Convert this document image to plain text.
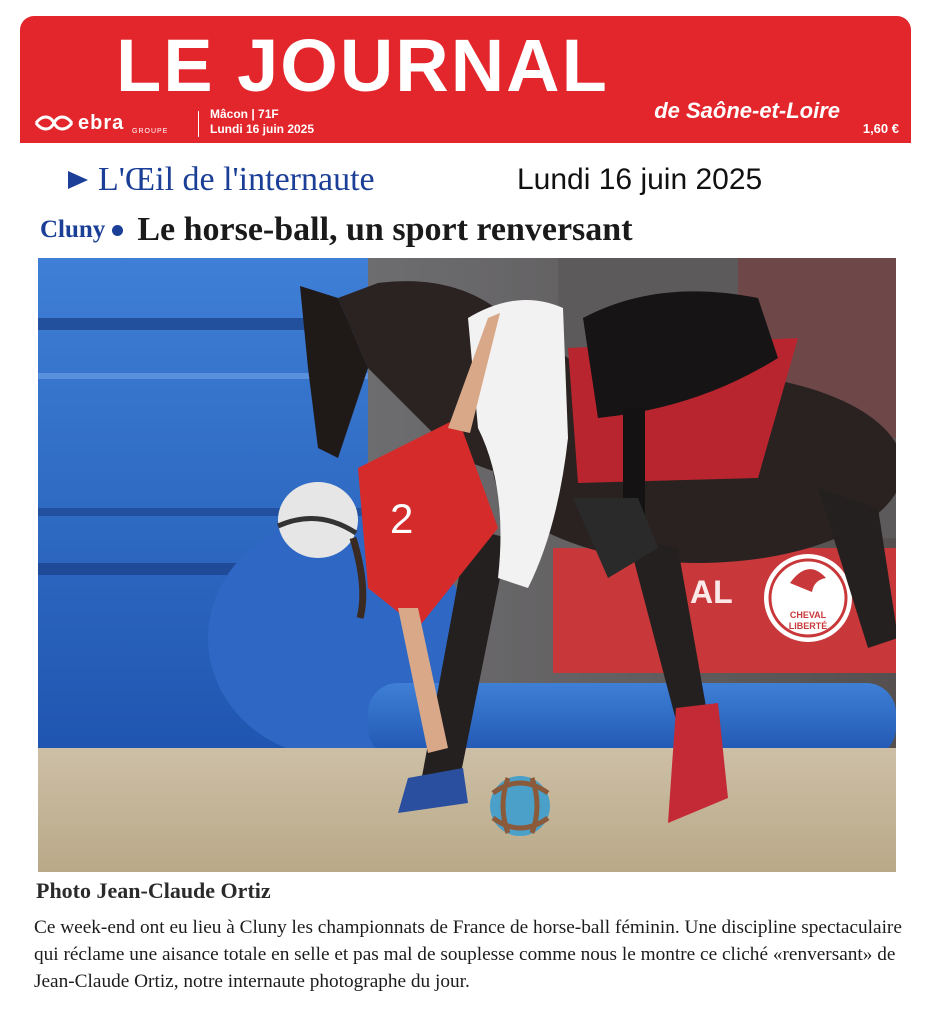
LE JOURNAL
de Saône-et-Loire
ebra GROUPE
Mâcon | 71F
Lundi 16 juin 2025	1,60 €
L'Œil de l'internaute	Lundi 16 juin 2025
Cluny Le horse-ball, un sport renversant
AL
CHEVAL
LIBERTÉ
2
Photo Jean-Claude Ortiz
Ce week-end ont eu lieu à Cluny les championnats de France de horse-ball féminin. Une discipline spectaculaire qui réclame une aisance totale en selle et pas mal de souplesse comme nous le montre ce cliché «renversant» de Jean-Claude Ortiz, notre internaute photographe du jour.
